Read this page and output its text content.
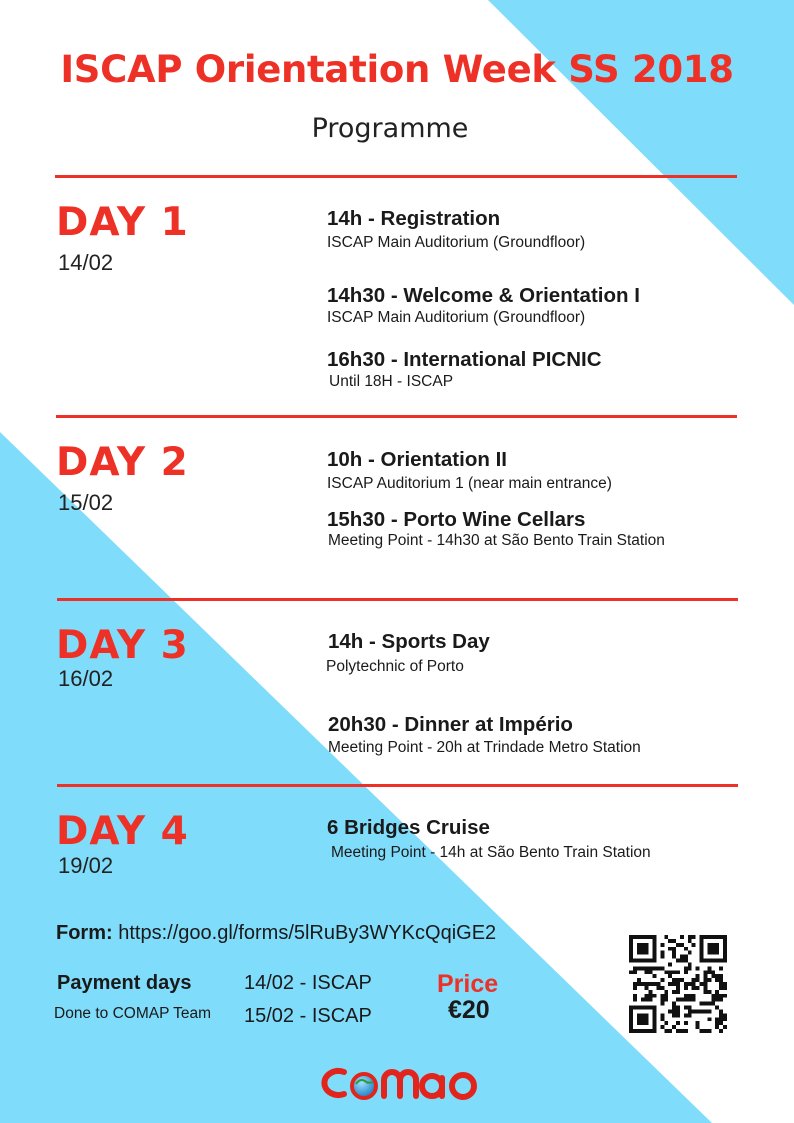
ISCAP Orientation Week SS 2018
Programme
DAY 1
14/02
14h - Registration
ISCAP Main Auditorium (Groundfloor)
14h30 - Welcome & Orientation I
ISCAP Main Auditorium (Groundfloor)
16h30 - International PICNIC
Until 18H - ISCAP
DAY 2
15/02
10h - Orientation II
ISCAP Auditorium 1 (near main entrance)
15h30 - Porto Wine Cellars
Meeting Point - 14h30 at São Bento Train Station
DAY 3
16/02
14h - Sports Day
Polytechnic of Porto
20h30 - Dinner at Império
Meeting Point - 20h at Trindade Metro Station
DAY 4
19/02
6 Bridges Cruise
Meeting Point - 14h at São Bento Train Station
Form: https://goo.gl/forms/5lRuBy3WYKcQqiGE2
Payment days
Done to COMAP Team
14/02 - ISCAP
15/02 - ISCAP
Price
€20
